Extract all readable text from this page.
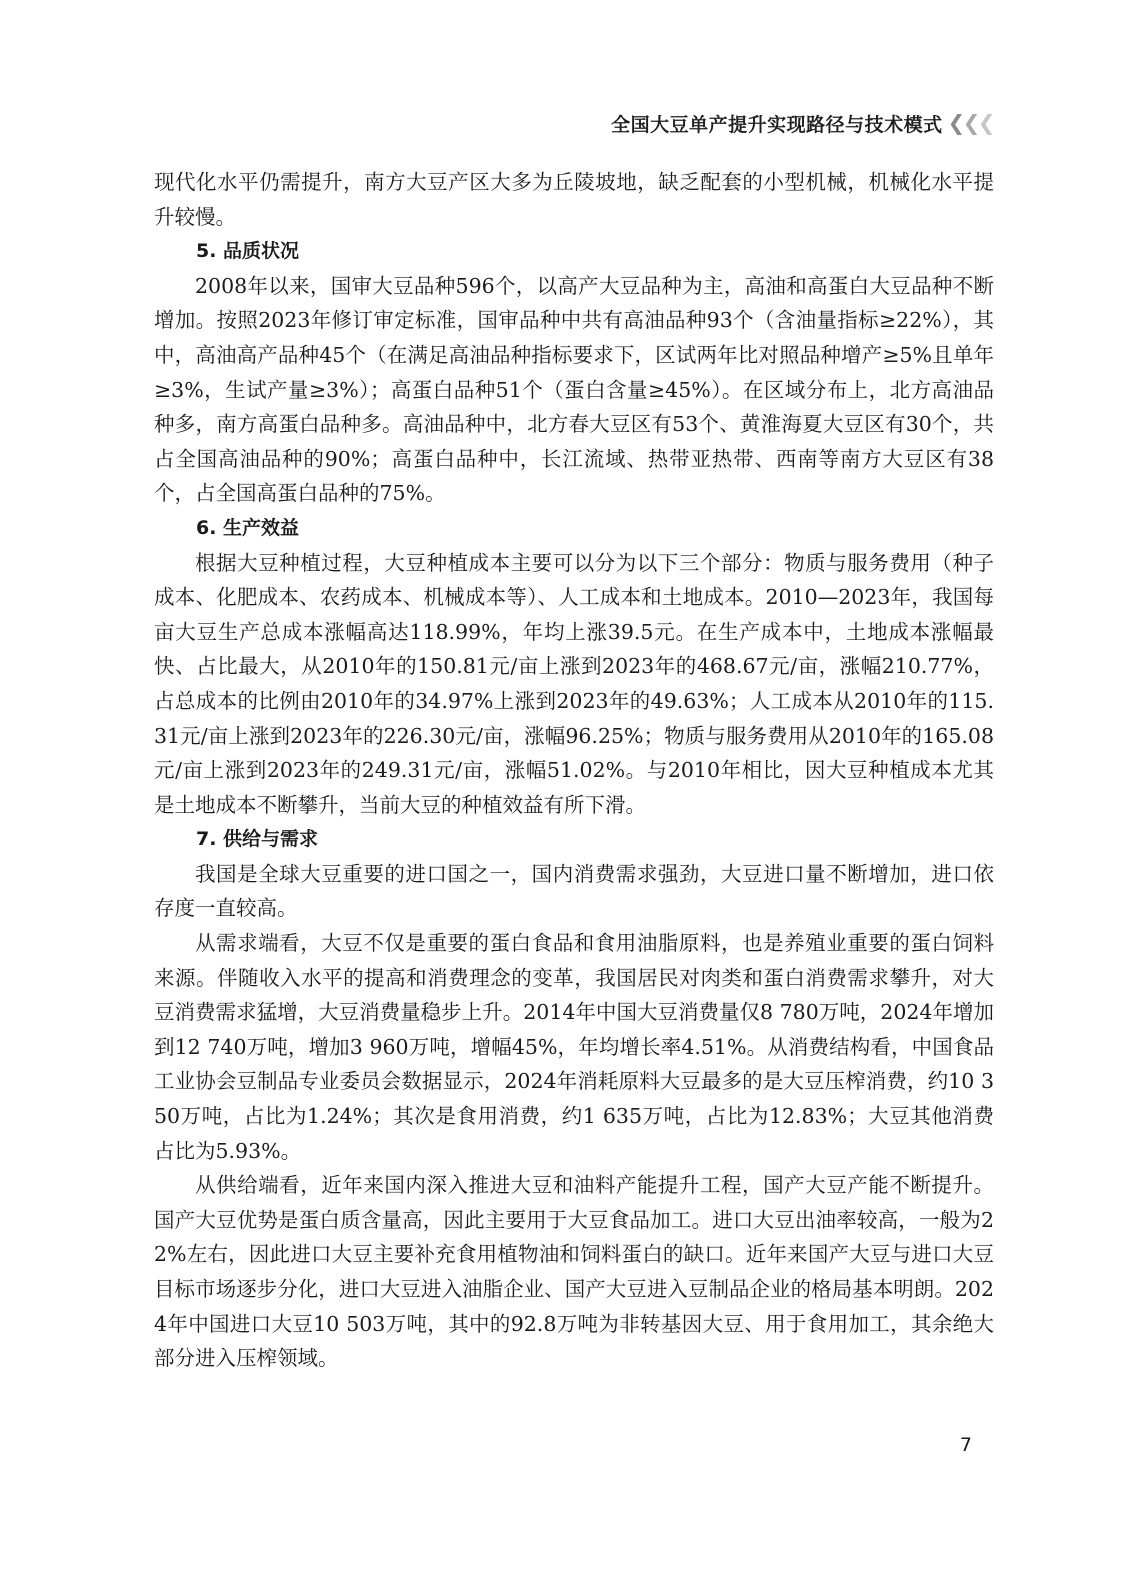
全国大豆单产提升实现路径与技术模式 ❮
❮
❮

现代化水平仍需提升，南方大豆产区大多为丘陵坡地，缺乏配套的小型机械，机械化水平提升较慢。

5. 品质状况

2008年以来，国审大豆品种596个，以高产大豆品种为主，高油和高蛋白大豆品种不断增加。按照2023年修订审定标准，国审品种中共有高油品种93个（含油量指标≥22%），其中，高油高产品种45个（在满足高油品种指标要求下，区试两年比对照品种增产≥5%且单年≥3%，生试产量≥3%）；高蛋白品种51个（蛋白含量≥45%）。在区域分布上，北方高油品种多，南方高蛋白品种多。高油品种中，北方春大豆区有53个、黄淮海夏大豆区有30个，共占全国高油品种的90%；高蛋白品种中，长江流域、热带亚热带、西南等南方大豆区有38个，占全国高蛋白品种的75%。

6. 生产效益

根据大豆种植过程，大豆种植成本主要可以分为以下三个部分：物质与服务费用（种子成本、化肥成本、农药成本、机械成本等）、人工成本和土地成本。2010—2023年，我国每亩大豆生产总成本涨幅高达118.99%，年均上涨39.5元。在生产成本中，土地成本涨幅最快、占比最大，从2010年的150.81元/亩上涨到2023年的468.67元/亩，涨幅210.77%，占总成本的比例由2010年的34.97%上涨到2023年的49.63%；人工成本从2010年的115.31元/亩上涨到2023年的226.30元/亩，涨幅96.25%；物质与服务费用从2010年的165.08元/亩上涨到2023年的249.31元/亩，涨幅51.02%。与2010年相比，因大豆种植成本尤其是土地成本不断攀升，当前大豆的种植效益有所下滑。

7. 供给与需求

我国是全球大豆重要的进口国之一，国内消费需求强劲，大豆进口量不断增加，进口依存度一直较高。

从需求端看，大豆不仅是重要的蛋白食品和食用油脂原料，也是养殖业重要的蛋白饲料来源。伴随收入水平的提高和消费理念的变革，我国居民对肉类和蛋白消费需求攀升，对大豆消费需求猛增，大豆消费量稳步上升。2014年中国大豆消费量仅8 780万吨，2024年增加到12 740万吨，增加3 960万吨，增幅45%，年均增长率4.51%。从消费结构看，中国食品工业协会豆制品专业委员会数据显示，2024年消耗原料大豆最多的是大豆压榨消费，约10 350万吨，占比为1.24%；其次是食用消费，约1 635万吨，占比为12.83%；大豆其他消费占比为5.93%。

从供给端看，近年来国内深入推进大豆和油料产能提升工程，国产大豆产能不断提升。国产大豆优势是蛋白质含量高，因此主要用于大豆食品加工。进口大豆出油率较高，一般为22%左右，因此进口大豆主要补充食用植物油和饲料蛋白的缺口。近年来国产大豆与进口大豆目标市场逐步分化，进口大豆进入油脂企业、国产大豆进入豆制品企业的格局基本明朗。2024年中国进口大豆10 503万吨，其中的92.8万吨为非转基因大豆、用于食用加工，其余绝大部分进入压榨领域。

7
